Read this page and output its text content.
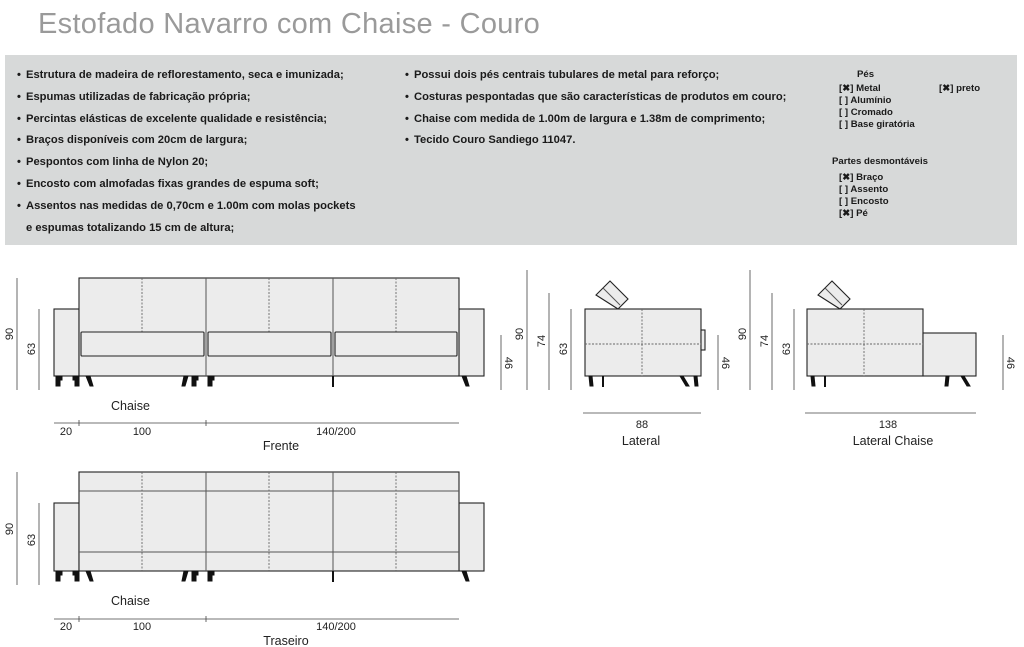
Estofado Navarro com Chaise - Couro
• Estrutura de madeira de reflorestamento, seca e imunizada;
• Espumas utilizadas de fabricação própria;
• Percintas elásticas de excelente qualidade e resistência;
• Braços disponíveis com 20cm de largura;
• Pespontos com linha de Nylon 20;
• Encosto com almofadas fixas grandes de espuma soft;
• Assentos nas medidas de 0,70cm e 1.00m com molas pockets
e espumas totalizando 15 cm de altura;
• Possui dois pés centrais tubulares de metal para reforço;
• Costuras pespontadas que são características de produtos em couro;
• Chaise com medida de 1.00m de largura e 1.38m de comprimento;
• Tecido Couro Sandiego 11047.
Pés
[✖] Metal
[ ] Alumínio
[ ] Cromado
[ ] Base giratória
[✖] preto
Partes desmontáveis
[✖] Braço
[ ] Assento
[ ] Encosto
[✖] Pé
90
63
46
Chaise
20	100	140/200
Frente
90
74
63
46
88
Lateral
90
74
63
46
138
Lateral Chaise
90
63
Chaise
20	100	140/200
Traseiro
